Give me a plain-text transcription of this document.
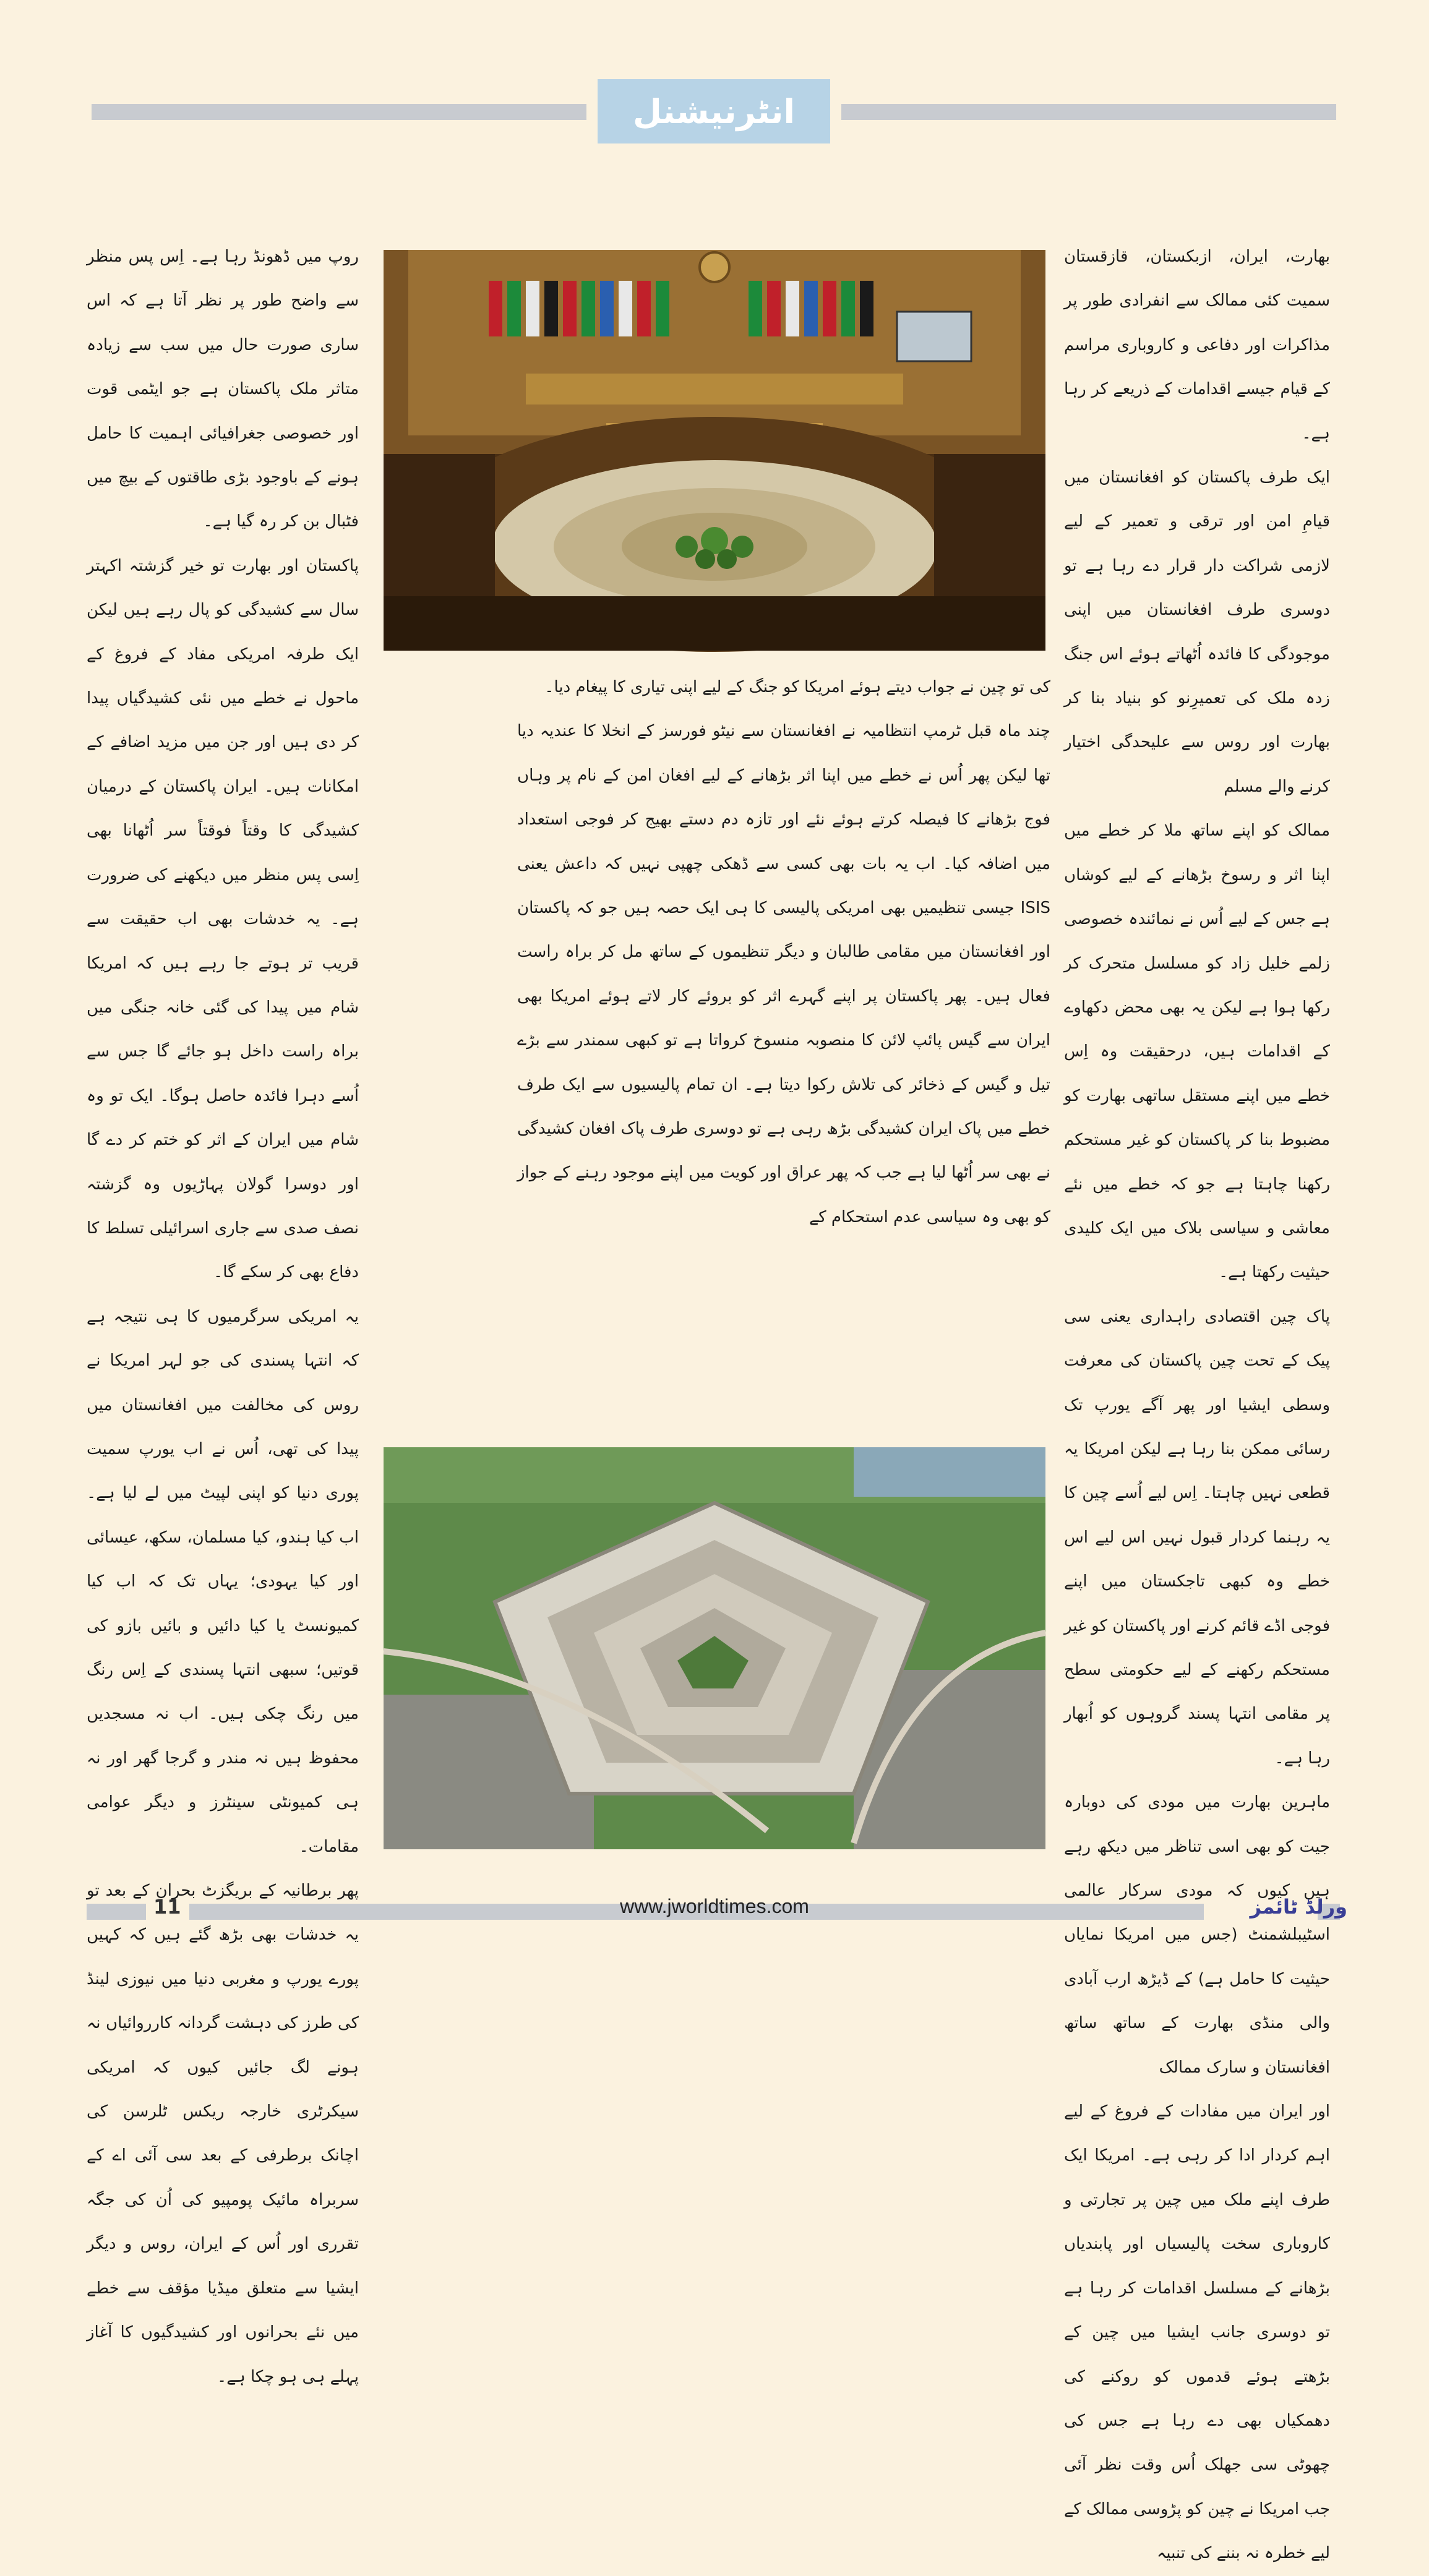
انٹرنیشنل

بھارت، ایران، ازبکستان، قازقستان سمیت کئی ممالک سے انفرادی طور پر مذاکرات اور دفاعی و کاروباری مراسم کے قیام جیسے اقدامات کے ذریعے کر رہا ہے۔

ایک طرف پاکستان کو افغانستان میں قیامِ امن اور ترقی و تعمیر کے لیے لازمی شراکت دار قرار دے رہا ہے تو دوسری طرف افغانستان میں اپنی موجودگی کا فائدہ اُٹھاتے ہوئے اس جنگ زدہ ملک کی تعمیرِنو کو بنیاد بنا کر بھارت اور روس سے علیحدگی اختیار کرنے والے مسلم

ممالک کو اپنے ساتھ ملا کر خطے میں اپنا اثر و رسوخ بڑھانے کے لیے کوشاں ہے جس کے لیے اُس نے نمائندہ خصوصی زلمے خلیل زاد کو مسلسل متحرک کر رکھا ہوا ہے لیکن یہ بھی محض دکھاوے کے اقدامات ہیں، درحقیقت وہ اِس خطے میں اپنے مستقل ساتھی بھارت کو مضبوط بنا کر پاکستان کو غیر مستحکم رکھنا چاہتا ہے جو کہ خطے میں نئے معاشی و سیاسی بلاک میں ایک کلیدی حیثیت رکھتا ہے۔

پاک چین اقتصادی راہداری یعنی سی پیک کے تحت چین پاکستان کی معرفت وسطی ایشیا اور پھر آگے یورپ تک رسائی ممکن بنا رہا ہے لیکن امریکا یہ قطعی نہیں چاہتا۔ اِس لیے اُسے چین کا یہ رہنما کردار قبول نہیں اس لیے اس خطے وہ کبھی تاجکستان میں اپنے فوجی اڈے قائم کرنے اور پاکستان کو غیر مستحکم رکھنے کے لیے حکومتی سطح پر مقامی انتہا پسند گروہوں کو اُبھار رہا ہے۔

ماہرین بھارت میں مودی کی دوبارہ جیت کو بھی اسی تناظر میں دیکھ رہے ہیں کیوں کہ مودی سرکار عالمی اسٹیبلشمنٹ (جس میں امریکا نمایاں حیثیت کا حامل ہے) کے ڈیڑھ ارب آبادی والی منڈی بھارت کے ساتھ ساتھ افغانستان و سارک ممالک

اور ایران میں مفادات کے فروغ کے لیے اہم کردار ادا کر رہی ہے۔ امریکا ایک طرف اپنے ملک میں چین پر تجارتی و کاروباری سخت پالیسیاں اور پابندیاں بڑھانے کے مسلسل اقدامات کر رہا ہے تو دوسری جانب ایشیا میں چین کے بڑھتے ہوئے قدموں کو روکنے کی دھمکیاں بھی دے رہا ہے جس کی چھوٹی سی جھلک اُس وقت نظر آئی جب امریکا نے چین کو پڑوسی ممالک کے لیے خطرہ نہ بننے کی تنبیہ

کی تو چین نے جواب دیتے ہوئے امریکا کو جنگ کے لیے اپنی تیاری کا پیغام دیا۔

چند ماہ قبل ٹرمپ انتظامیہ نے افغانستان سے نیٹو فورسز کے انخلا کا عندیہ دیا تھا لیکن پھر اُس نے خطے میں اپنا اثر بڑھانے کے لیے افغان امن کے نام پر وہاں فوج بڑھانے کا فیصلہ کرتے ہوئے نئے اور تازہ دم دستے بھیج کر فوجی استعداد میں اضافہ کیا۔ اب یہ بات بھی کسی سے ڈھکی چھپی نہیں کہ داعش یعنی ISIS جیسی تنظیمیں بھی امریکی پالیسی کا ہی ایک حصہ ہیں جو کہ پاکستان اور افغانستان میں مقامی طالبان و دیگر تنظیموں کے ساتھ مل کر براہ راست فعال ہیں۔ پھر پاکستان پر اپنے گہرے اثر کو بروئے کار لاتے ہوئے امریکا بھی ایران سے گیس پائپ لائن کا منصوبہ منسوخ کرواتا ہے تو کبھی سمندر سے بڑے تیل و گیس کے ذخائر کی تلاش رکوا دیتا ہے۔ ان تمام پالیسیوں سے ایک طرف خطے میں پاک ایران کشیدگی بڑھ رہی ہے تو دوسری طرف پاک افغان کشیدگی نے بھی سر اُٹھا لیا ہے جب کہ پھر عراق اور کویت میں اپنے موجود رہنے کے جواز کو بھی وہ سیاسی عدم استحکام کے

روپ میں ڈھونڈ رہا ہے۔ اِس پس منظر سے واضح طور پر نظر آتا ہے کہ اس ساری صورت حال میں سب سے زیادہ متاثر ملک پاکستان ہے جو ایٹمی قوت اور خصوصی جغرافیائی اہمیت کا حامل ہونے کے باوجود بڑی طاقتوں کے بیچ میں فٹبال بن کر رہ گیا ہے۔

پاکستان اور بھارت تو خیر گزشتہ اکہتر سال سے کشیدگی کو پال رہے ہیں لیکن ایک طرفہ امریکی مفاد کے فروغ کے ماحول نے خطے میں نئی کشیدگیاں پیدا کر دی ہیں اور جن میں مزید اضافے کے امکانات ہیں۔ ایران پاکستان کے درمیان کشیدگی کا وقتاً فوقتاً سر اُٹھانا بھی اِسی پس منظر میں دیکھنے کی ضرورت ہے۔ یہ خدشات بھی اب حقیقت سے قریب تر ہوتے جا رہے ہیں کہ امریکا شام میں پیدا کی گئی خانہ جنگی میں براہ راست داخل ہو جائے گا جس سے اُسے دہرا فائدہ حاصل ہوگا۔ ایک تو وہ شام میں ایران کے اثر کو ختم کر دے گا اور دوسرا گولان پہاڑیوں وہ گزشتہ نصف صدی سے جاری اسرائیلی تسلط کا دفاع بھی کر سکے گا۔

یہ امریکی سرگرمیوں کا ہی نتیجہ ہے کہ انتہا پسندی کی جو لہر امریکا نے روس کی مخالفت میں افغانستان میں پیدا کی تھی، اُس نے اب یورپ سمیت پوری دنیا کو اپنی لپیٹ میں لے لیا ہے۔ اب کیا ہندو، کیا مسلمان، سکھ، عیسائی اور کیا یہودی؛ یہاں تک کہ اب کیا کمیونسٹ یا کیا دائیں و بائیں بازو کی قوتیں؛ سبھی انتہا پسندی کے اِس رنگ میں رنگ چکی ہیں۔ اب نہ مسجدیں محفوظ ہیں نہ مندر و گرجا گھر اور نہ ہی کمیونٹی سینٹرز و دیگر عوامی مقامات۔

پھر برطانیہ کے بریگزٹ بحران کے بعد تو یہ خدشات بھی بڑھ گئے ہیں کہ کہیں پورے یورپ و مغربی دنیا میں نیوزی لینڈ کی طرز کی دہشت گردانہ کارروائیاں نہ ہونے لگ جائیں کیوں کہ امریکی سیکرٹری خارجہ ریکس ٹلرسن کی اچانک برطرفی کے بعد سی آئی اے کے سربراہ مائیک پومپیو کی اُن کی جگہ تقرری اور اُس کے ایران، روس و دیگر ایشیا سے متعلق میڈیا مؤقف سے خطے میں نئے بحرانوں اور کشیدگیوں کا آغاز پہلے ہی ہو چکا ہے۔

11	www.jworldtimes.com	ورلڈ ٹائمز
